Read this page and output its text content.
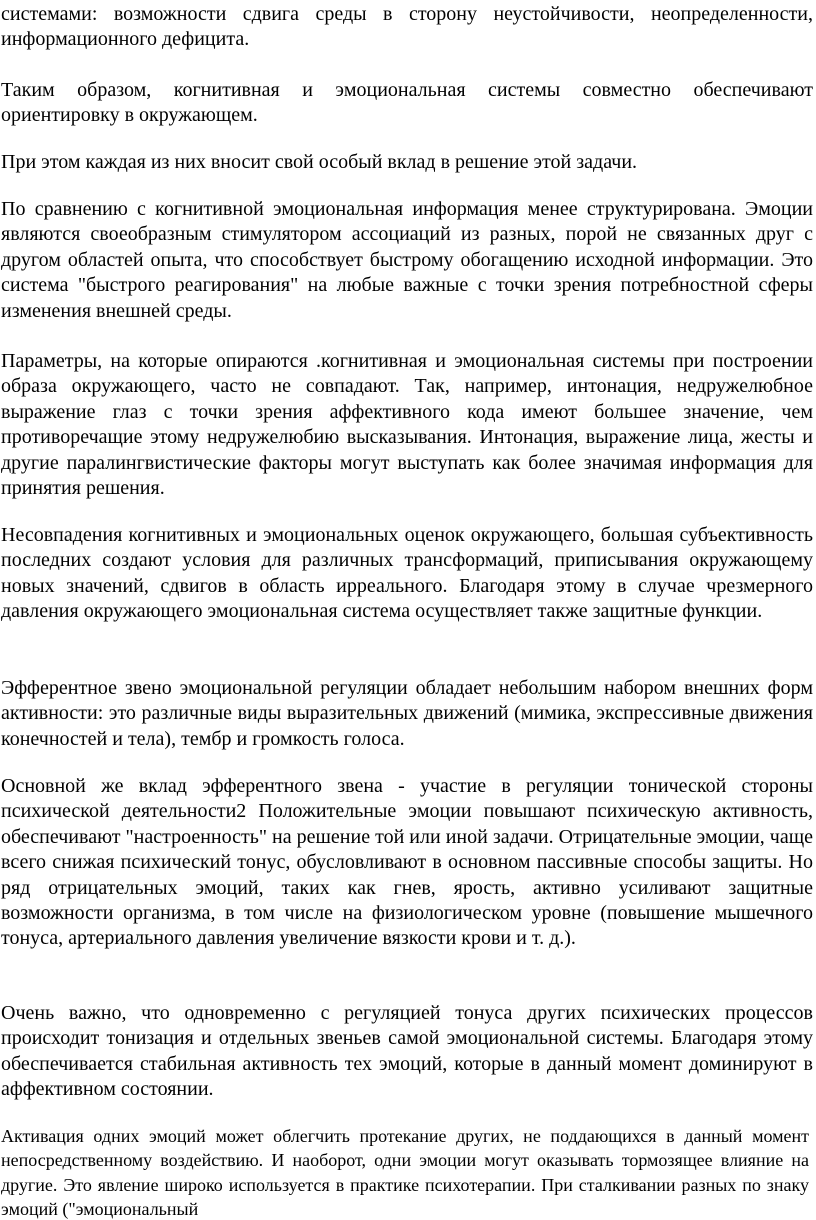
системами: возможности сдвига среды в сторону неустойчивости, неопределенности, информационного дефицита.

Таким образом, когнитивная и эмоциональная системы совместно обеспечивают ориентировку в окружающем.

При этом каждая из них вносит свой особый вклад в решение этой задачи.

По сравнению с когнитивной эмоциональная информация менее структурирована. Эмоции являются своеобразным стимулятором ассоциаций из разных, порой не связанных друг с другом областей опыта, что способствует быстрому обогащению исходной информации. Это система "быстрого реагирования" на любые важные с точки зрения потребностной сферы изменения внешней среды.

Параметры, на которые опираются .когнитивная и эмоциональная системы при построении образа окружающего, часто не совпадают. Так, например, интонация, недружелюбное выражение глаз с точки зрения аффективного кода имеют большее значение, чем противоречащие этому недружелюбию высказывания. Интонация, выражение лица, жесты и другие паралингвистические факторы могут выступать как более значимая информация для принятия решения.

Несовпадения когнитивных и эмоциональных оценок окружающего, большая субъективность последних создают условия для различных трансформаций, приписывания окружающему новых значений, сдвигов в область ирреального. Благодаря этому в случае чрезмерного давления окружающего эмоциональная система осуществляет также защитные функции.

Эфферентное звено эмоциональной регуляции обладает небольшим набором внешних форм активности: это различные виды выразительных движений (мимика, экспрессивные движения конечностей и тела), тембр и громкость голоса.

Основной же вклад эфферентного звена - участие в регуляции тонической стороны психической деятельности2 Положительные эмоции повышают психическую активность, обеспечивают "настроенность" на решение той или иной задачи. Отрицательные эмоции, чаще всего снижая психический тонус, обусловливают в основном пассивные способы защиты. Но ряд отрицательных эмоций, таких как гнев, ярость, активно усиливают защитные возможности организма, в том числе на физиологическом уровне (повышение мышечного тонуса, артериального давления увеличение вязкости крови и т. д.).

Очень важно, что одновременно с регуляцией тонуса других психических процессов происходит тонизация и отдельных звеньев самой эмоциональной системы. Благодаря этому обеспечивается стабильная активность тех эмоций, которые в данный момент доминируют в аффективном состоянии.

Активация одних эмоций может облегчить протекание других, не поддающихся в данный момент непосредственному воздействию. И наоборот, одни эмоции могут оказывать тормозящее влияние на другие. Это явление широко используется в практике психотерапии. При сталкивании разных по знаку эмоций ("эмоциональный
